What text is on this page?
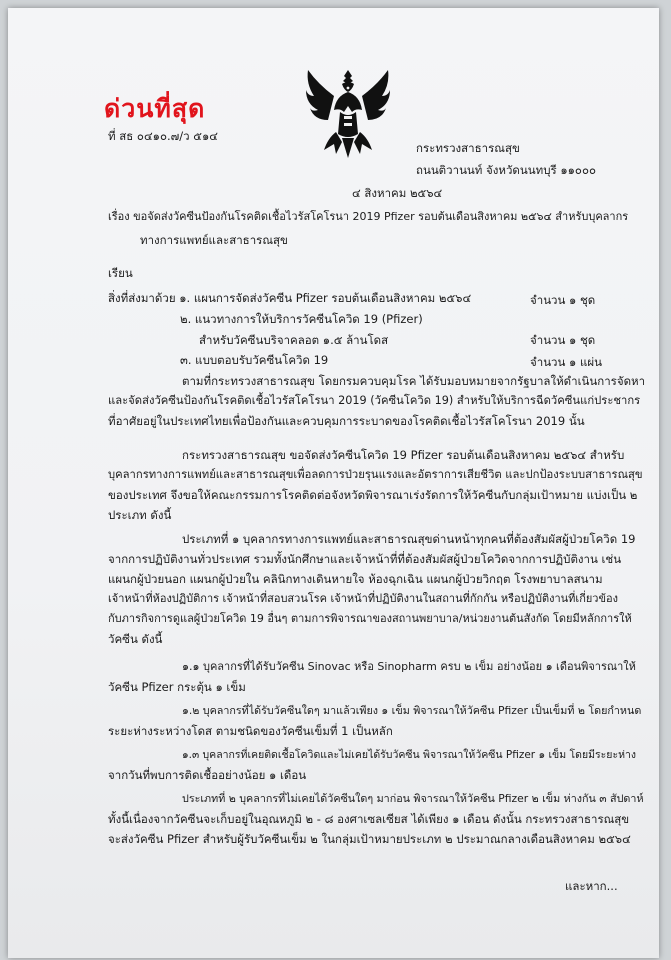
ด่วนที่สุด
ที่ สธ ๐๔๑๐.๗/ว ๕๑๔
กระทรวงสาธารณสุข
ถนนติวานนท์ จังหวัดนนทบุรี ๑๑๐๐๐
๔ สิงหาคม ๒๕๖๔
เรื่อง ขอจัดส่งวัคซีนป้องกันโรคติดเชื้อไวรัสโคโรนา 2019 Pfizer รอบต้นเดือนสิงหาคม ๒๕๖๔ สำหรับบุคลากร
ทางการแพทย์และสาธารณสุข
เรียน
สิ่งที่ส่งมาด้วย ๑. แผนการจัดส่งวัคซีน Pfizer รอบต้นเดือนสิงหาคม ๒๕๖๔	จำนวน ๑ ชุด
๒. แนวทางการให้บริการวัคซีนโควิด 19 (Pfizer)
สำหรับวัคซีนบริจาคลอต ๑.๕ ล้านโดส	จำนวน ๑ ชุด
๓. แบบตอบรับวัคซีนโควิด 19	จำนวน ๑ แผ่น
ตามที่กระทรวงสาธารณสุข โดยกรมควบคุมโรค ได้รับมอบหมายจากรัฐบาลให้ดำเนินการจัดหา
และจัดส่งวัคซีนป้องกันโรคติดเชื้อไวรัสโคโรนา 2019 (วัคซีนโควิด 19) สำหรับให้บริการฉีดวัคซีนแก่ประชากร
ที่อาศัยอยู่ในประเทศไทยเพื่อป้องกันและควบคุมการระบาดของโรคติดเชื้อไวรัสโคโรนา 2019 นั้น
กระทรวงสาธารณสุข ขอจัดส่งวัคซีนโควิด 19 Pfizer รอบต้นเดือนสิงหาคม ๒๕๖๔ สำหรับ
บุคลากรทางการแพทย์และสาธารณสุขเพื่อลดการป่วยรุนแรงและอัตราการเสียชีวิต และปกป้องระบบสาธารณสุข
ของประเทศ จึงขอให้คณะกรรมการโรคติดต่อจังหวัดพิจารณาเร่งรัดการให้วัคซีนกับกลุ่มเป้าหมาย แบ่งเป็น ๒
ประเภท ดังนี้
ประเภทที่ ๑ บุคลากรทางการแพทย์และสาธารณสุขด่านหน้าทุกคนที่ต้องสัมผัสผู้ป่วยโควิด 19
จากการปฏิบัติงานทั่วประเทศ รวมทั้งนักศึกษาและเจ้าหน้าที่ที่ต้องสัมผัสผู้ป่วยโควิดจากการปฏิบัติงาน เช่น
แผนกผู้ป่วยนอก แผนกผู้ป่วยใน คลินิกทางเดินหายใจ ห้องฉุกเฉิน แผนกผู้ป่วยวิกฤต โรงพยาบาลสนาม
เจ้าหน้าที่ห้องปฏิบัติการ เจ้าหน้าที่สอบสวนโรค เจ้าหน้าที่ปฏิบัติงานในสถานที่กักกัน หรือปฏิบัติงานที่เกี่ยวข้อง
กับภารกิจการดูแลผู้ป่วยโควิด 19 อื่นๆ ตามการพิจารณาของสถานพยาบาล/หน่วยงานต้นสังกัด โดยมีหลักการให้
วัคซีน ดังนี้
๑.๑ บุคลากรที่ได้รับวัคซีน Sinovac หรือ Sinopharm ครบ ๒ เข็ม อย่างน้อย ๑ เดือนพิจารณาให้
วัคซีน Pfizer กระตุ้น ๑ เข็ม
๑.๒ บุคลากรที่ได้รับวัคซีนใดๆ มาแล้วเพียง ๑ เข็ม พิจารณาให้วัคซีน Pfizer เป็นเข็มที่ ๒ โดยกำหนด
ระยะห่างระหว่างโดส ตามชนิดของวัคซีนเข็มที่ 1 เป็นหลัก
๑.๓ บุคลากรที่เคยติดเชื้อโควิดและไม่เคยได้รับวัคซีน พิจารณาให้วัคซีน Pfizer ๑ เข็ม โดยมีระยะห่าง
จากวันที่พบการติดเชื้ออย่างน้อย ๑ เดือน
ประเภทที่ ๒ บุคลากรที่ไม่เคยได้วัคซีนใดๆ มาก่อน พิจารณาให้วัคซีน Pfizer ๒ เข็ม ห่างกัน ๓ สัปดาห์
ทั้งนี้เนื่องจากวัคซีนจะเก็บอยู่ในอุณหภูมิ ๒ - ๘ องศาเซลเซียส ได้เพียง ๑ เดือน ดังนั้น กระทรวงสาธารณสุข
จะส่งวัคซีน Pfizer สำหรับผู้รับวัคซีนเข็ม ๒ ในกลุ่มเป้าหมายประเภท ๒ ประมาณกลางเดือนสิงหาคม ๒๕๖๔
และหาก...
